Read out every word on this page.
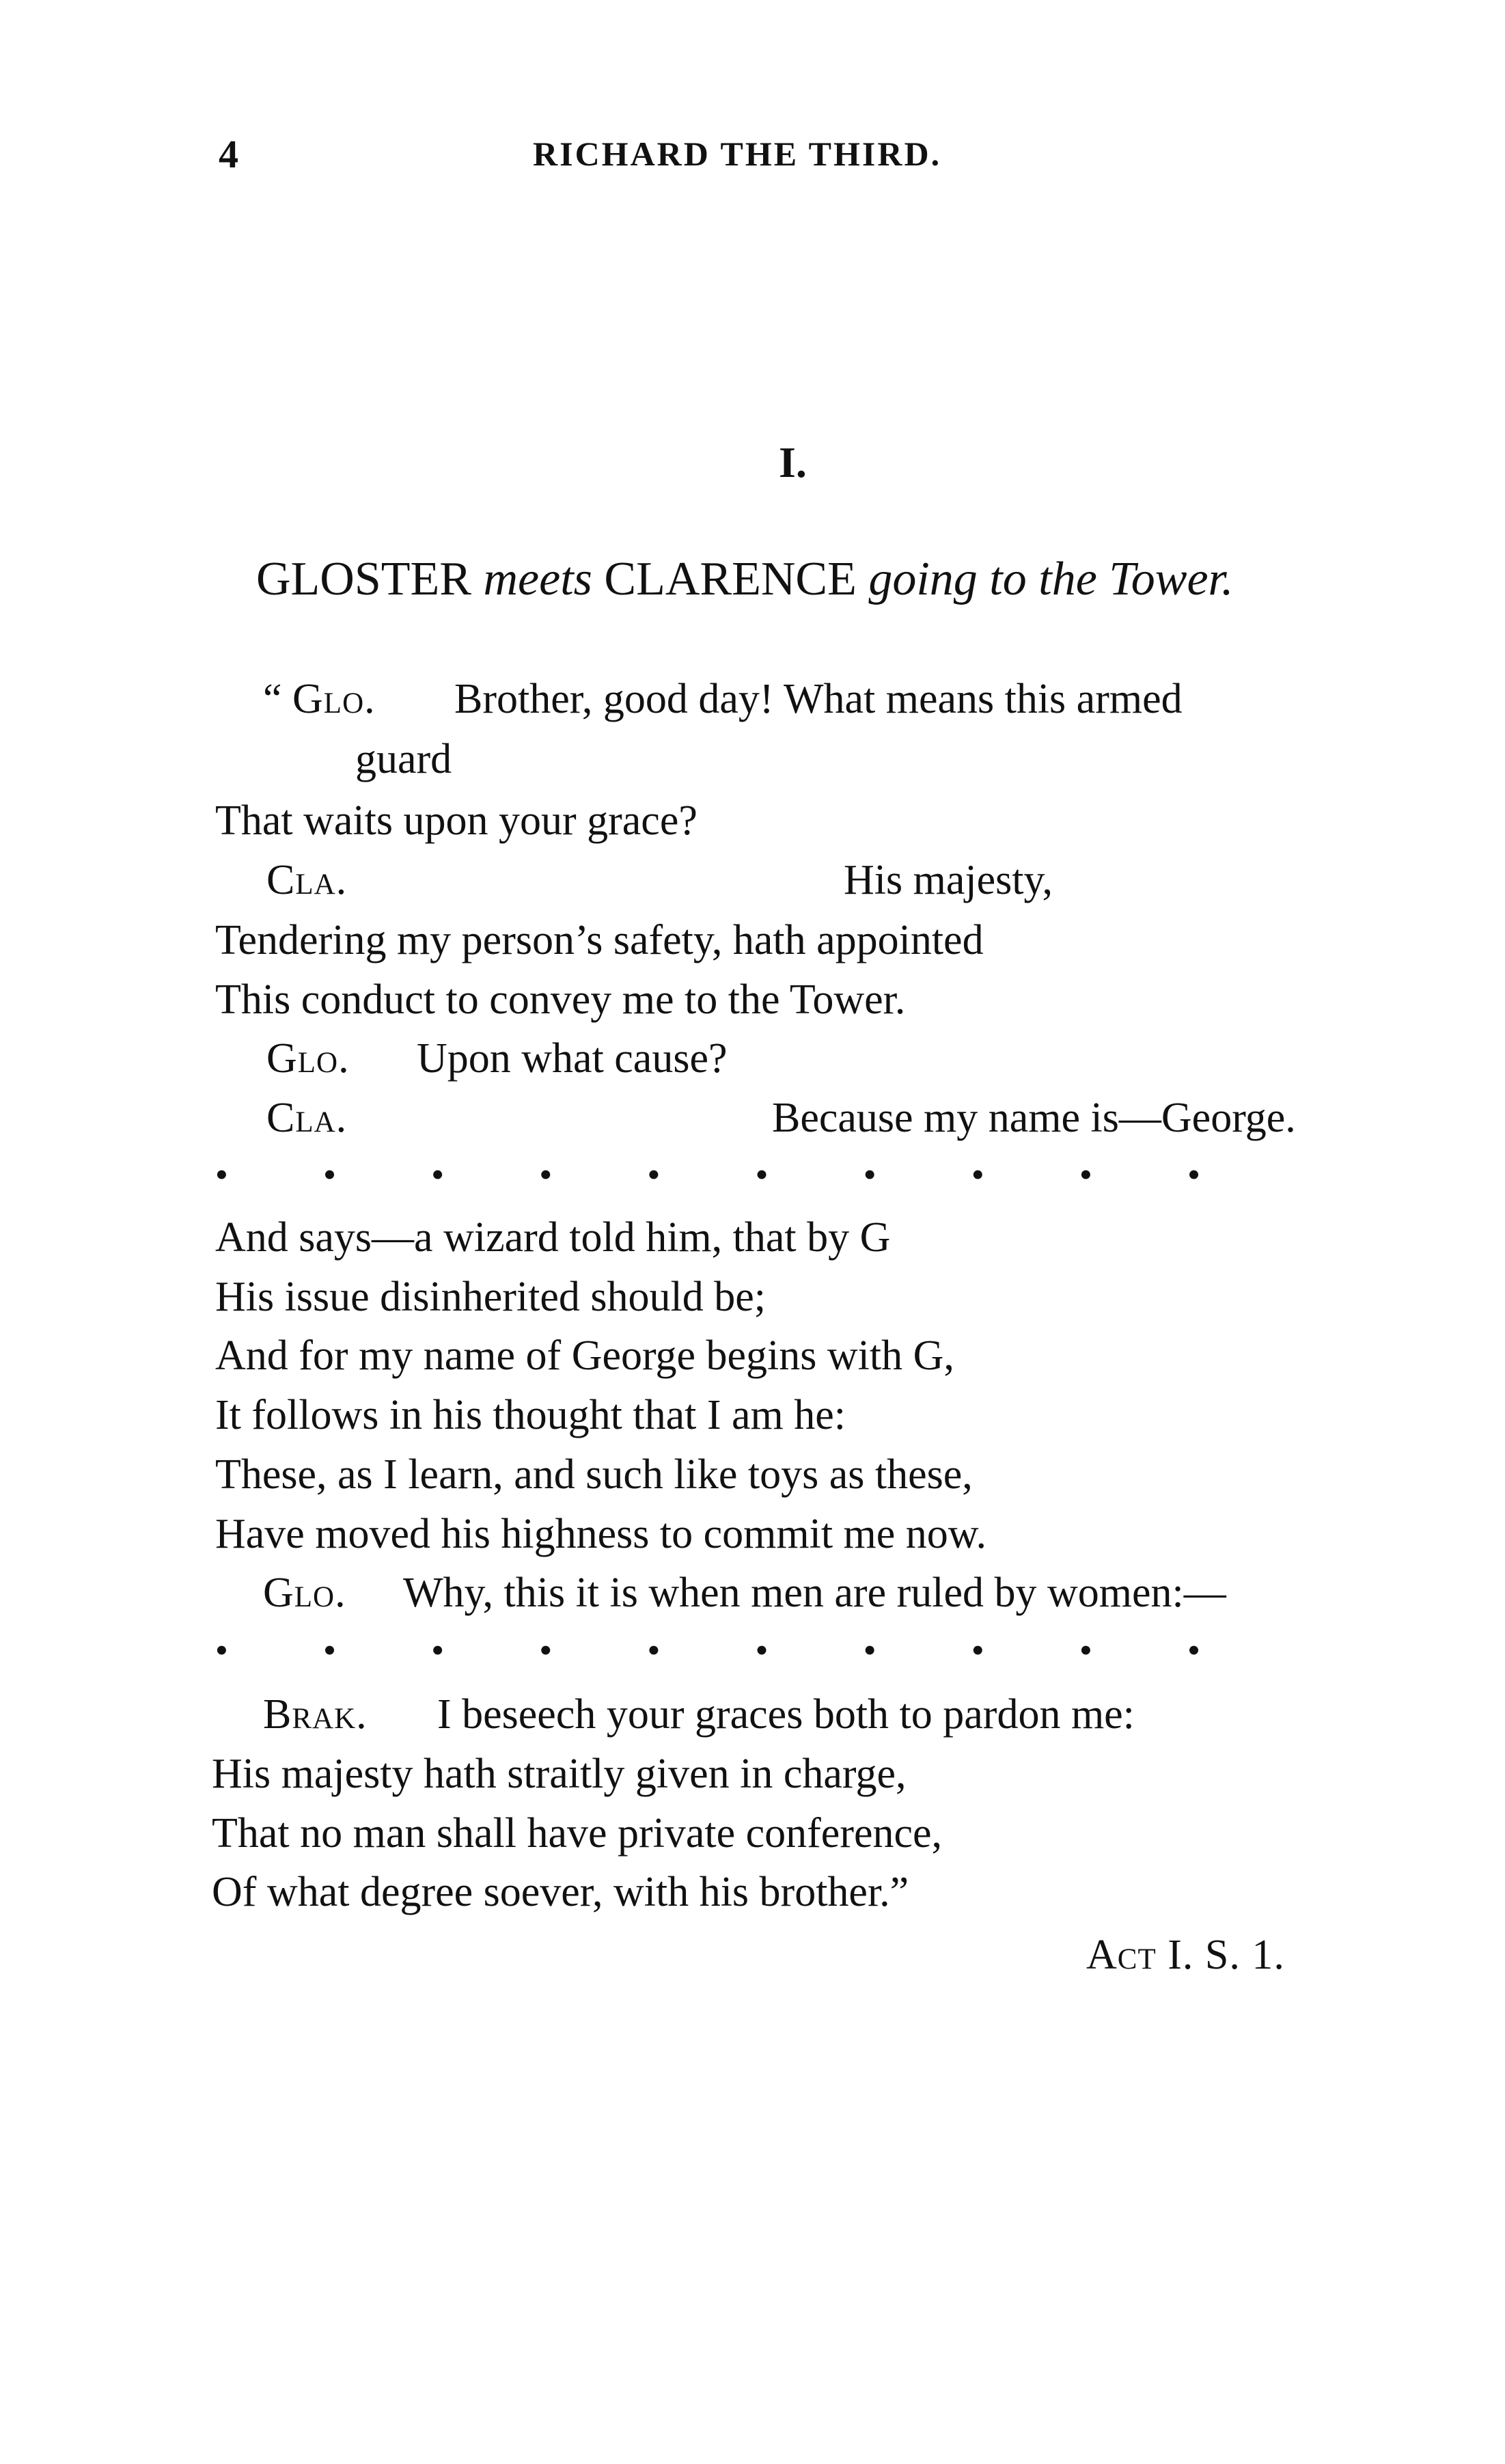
4	RICHARD THE THIRD.
I.
GLOSTER meets CLARENCE going to the Tower.
“ Glo. Brother, good day! What means this armed
guard
That waits upon your grace?
Cla.	His majesty,
Tendering my person’s safety, hath appointed
This conduct to convey me to the Tower.
Glo. Upon what cause?
Cla.	Because my name is—George.
•	•	•	•	•	•	•	•	•	•
And says—a wizard told him, that by G
His issue disinherited should be;
And for my name of George begins with G,
It follows in his thought that I am he:
These, as I learn, and such like toys as these,
Have moved his highness to commit me now.
Glo. Why, this it is when men are ruled by women:—
•	•	•	•	•	•	•	•	•	•
Brak. I beseech your graces both to pardon me:
His majesty hath straitly given in charge,
That no man shall have private conference,
Of what degree soever, with his brother.”
Act I. S. 1.
